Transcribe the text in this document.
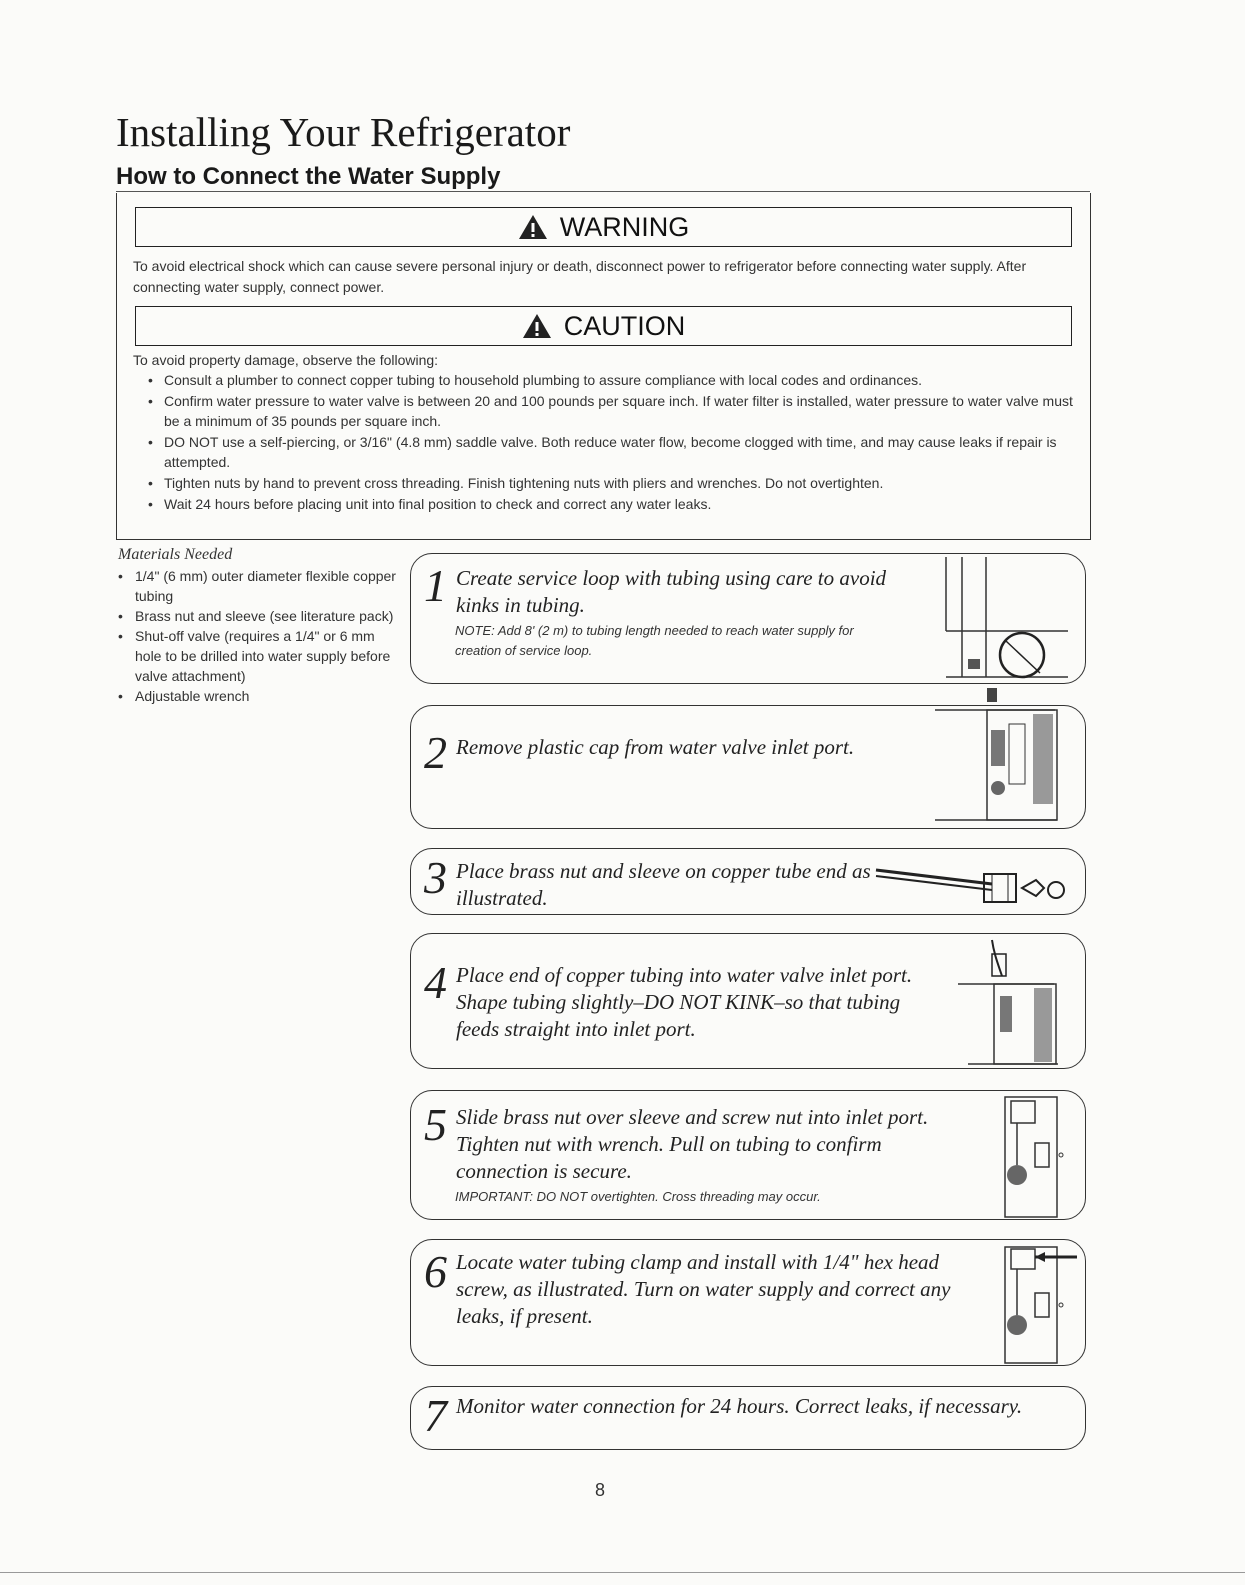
Installing Your Refrigerator
How to Connect the Water Supply
WARNING
To avoid electrical shock which can cause severe personal injury or death, disconnect power to refrigerator before connecting water supply. After connecting water supply, connect power.
CAUTION
To avoid property damage, observe the following:
• Consult a plumber to connect copper tubing to household plumbing to assure compliance with local codes and ordinances.
• Confirm water pressure to water valve is between 20 and 100 pounds per square inch. If water filter is installed, water pressure to water valve must be a minimum of 35 pounds per square inch.
• DO NOT use a self-piercing, or 3/16" (4.8 mm) saddle valve. Both reduce water flow, become clogged with time, and may cause leaks if repair is attempted.
• Tighten nuts by hand to prevent cross threading. Finish tightening nuts with pliers and wrenches. Do not overtighten.
• Wait 24 hours before placing unit into final position to check and correct any water leaks.
Materials Needed
• 1/4" (6 mm) outer diameter flexible copper tubing
• Brass nut and sleeve (see literature pack)
• Shut-off valve (requires a 1/4" or 6 mm hole to be drilled into water supply before valve attachment)
• Adjustable wrench
1 Create service loop with tubing using care to avoid kinks in tubing.
NOTE: Add 8' (2 m) to tubing length needed to reach water supply for creation of service loop.
2 Remove plastic cap from water valve inlet port.
3 Place brass nut and sleeve on copper tube end as illustrated.
4 Place end of copper tubing into water valve inlet port. Shape tubing slightly–DO NOT KINK–so that tubing feeds straight into inlet port.
5 Slide brass nut over sleeve and screw nut into inlet port. Tighten nut with wrench. Pull on tubing to confirm connection is secure.
IMPORTANT: DO NOT overtighten. Cross threading may occur.
6 Locate water tubing clamp and install with 1/4" hex head screw, as illustrated. Turn on water supply and correct any leaks, if present.
7 Monitor water connection for 24 hours. Correct leaks, if necessary.
8
